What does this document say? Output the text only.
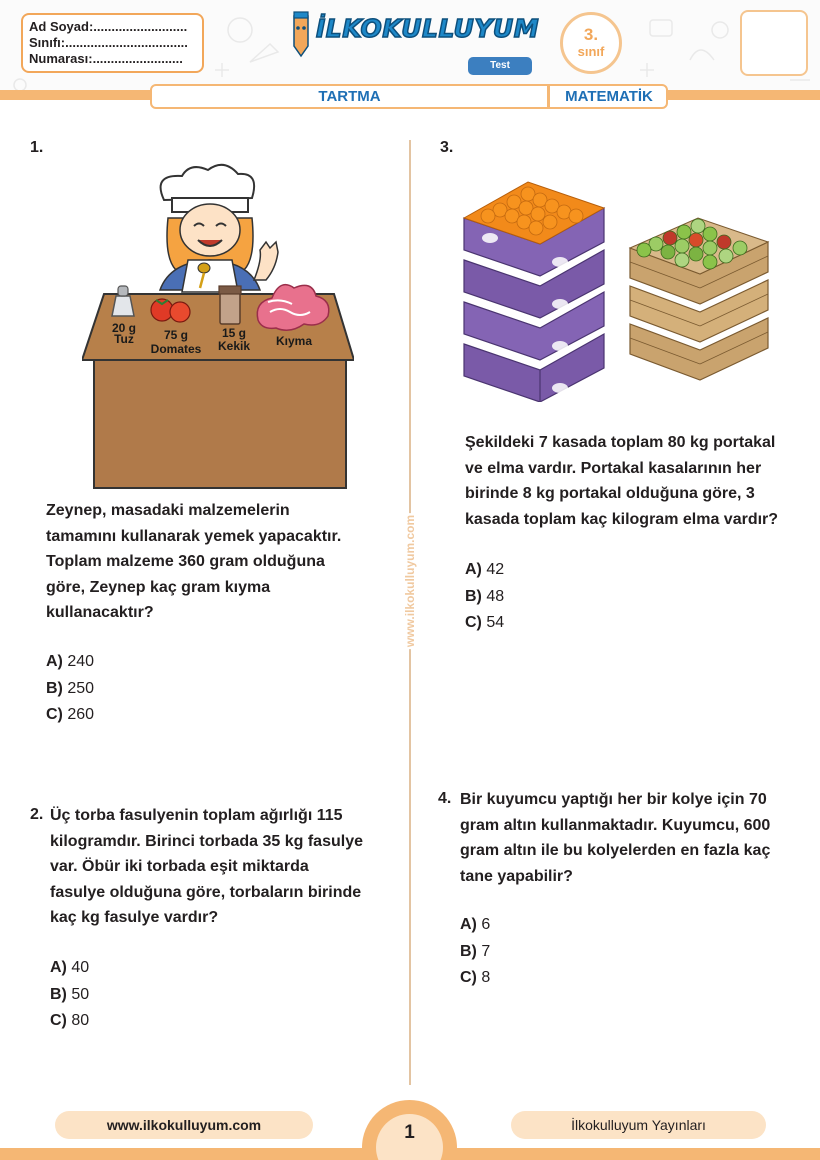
Ad Soyad:..........................
Sınıfı:..................................
Numarası:.........................
İLKOKULLUYUM
Test
3.
sınıf
TARTMA	MATEMATİK
www.ilkokulluyum.com
1.
20 g
Tuz	75 g
Domates
15 g
Kekik Kıyma
Zeynep, masadaki malzemelerin
tamamını kullanarak yemek yapacaktır.
Toplam malzeme 360 gram olduğuna
göre, Zeynep kaç gram kıyma
kullanacaktır?
A) 240
B) 250
C) 260
2. Üç torba fasulyenin toplam ağırlığı 115
kilogramdır. Birinci torbada 35 kg fasulye
var. Öbür iki torbada eşit miktarda
fasulye olduğuna göre, torbaların birinde
kaç kg fasulye vardır?
A) 40
B) 50
C) 80
3.
Şekildeki 7 kasada toplam 80 kg portakal
ve elma vardır. Portakal kasalarının her
birinde 8 kg portakal olduğuna göre, 3
kasada toplam kaç kilogram elma vardır?
A) 42
B) 48
C) 54
4. Bir kuyumcu yaptığı her bir kolye için 70
gram altın kullanmaktadır. Kuyumcu, 600
gram altın ile bu kolyelerden en fazla kaç
tane yapabilir?
A) 6
B) 7
C) 8
1
www.ilkokulluyum.com	İlkokulluyum Yayınları
